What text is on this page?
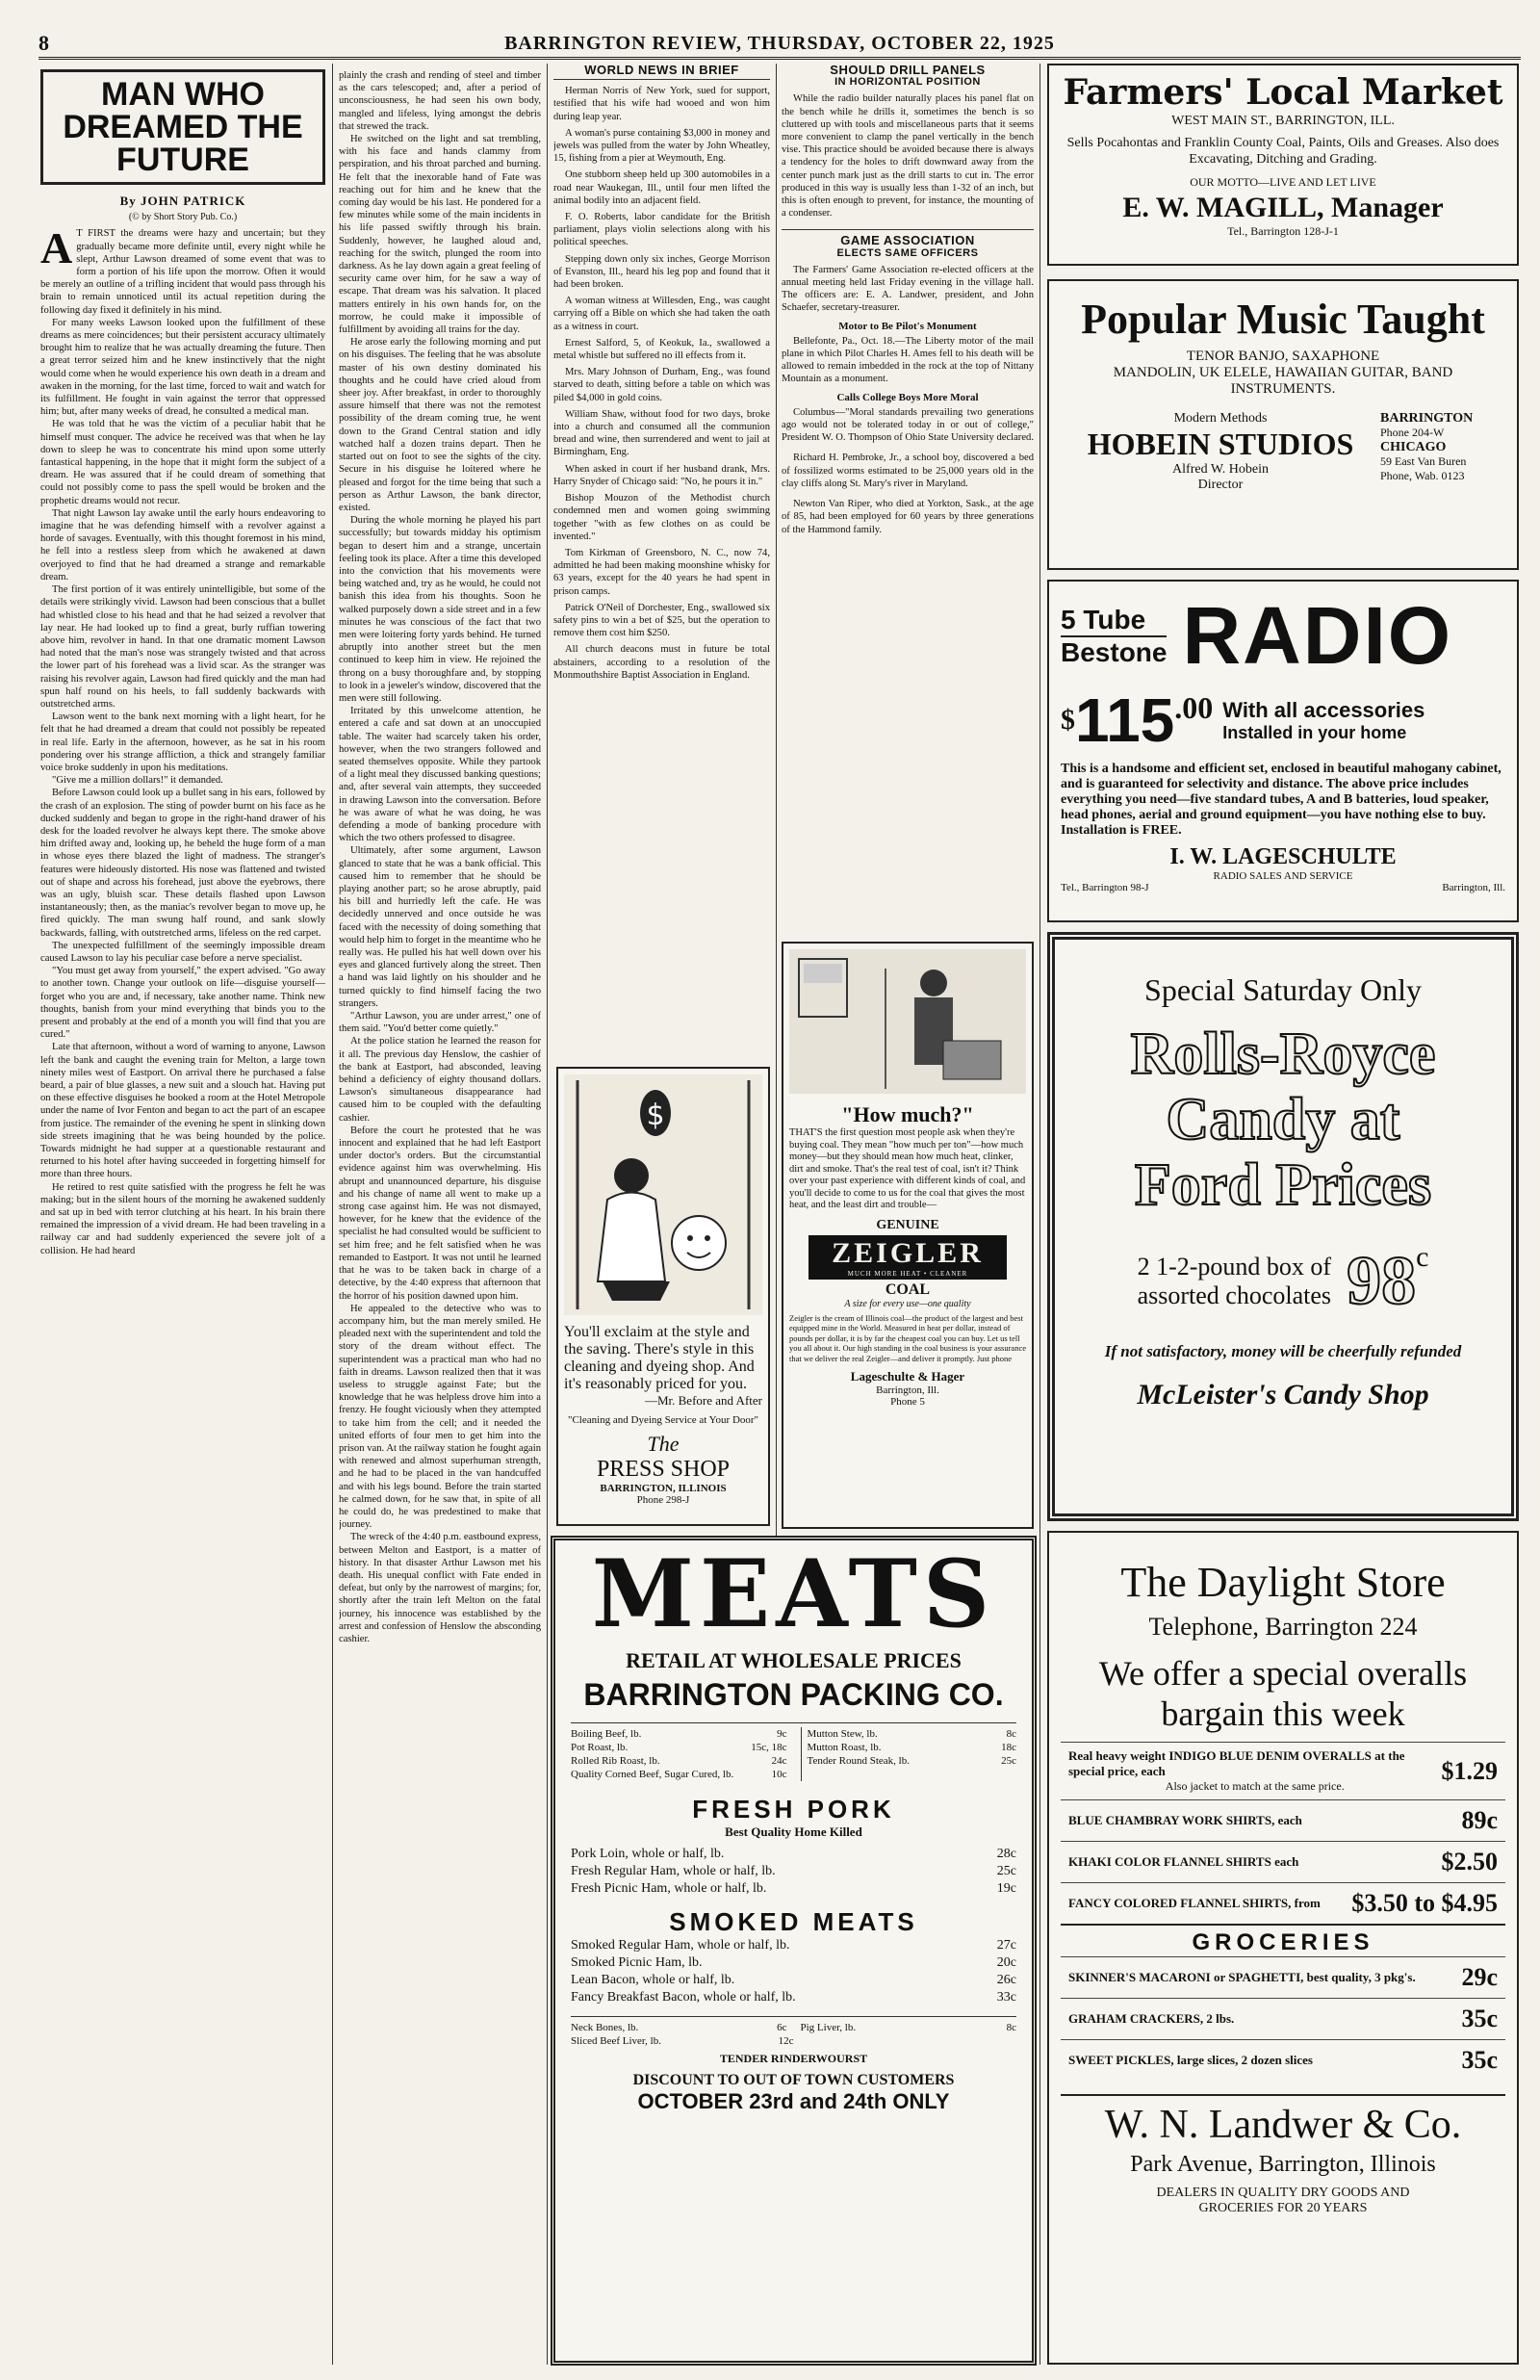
8	BARRINGTON REVIEW, THURSDAY, OCTOBER 22, 1925
MAN WHO
DREAMED THE
FUTURE
By JOHN PATRICK
(© by Short Story Pub. Co.)
A T FIRST the dreams were hazy and uncertain; but they gradually became more definite until, every night while he slept, Arthur Lawson dreamed of some event that was to form a portion of his life upon the morrow. Often it would be merely an outline of a trifling incident that would pass through his brain to remain unnoticed until its actual repetition during the following day fixed it definitely in his mind.

For many weeks Lawson looked upon the fulfillment of these dreams as mere coincidences; but their persistent accuracy ultimately brought him to realize that he was actually dreaming the future. Then a great terror seized him and he knew instinctively that the night would come when he would experience his own death in a dream and awaken in the morning, for the last time, forced to wait and watch for its fulfillment. He fought in vain against the terror that oppressed him; but, after many weeks of dread, he consulted a medical man.

He was told that he was the victim of a peculiar habit that he himself must conquer. The advice he received was that when he lay down to sleep he was to concentrate his mind upon some utterly fantastical happening, in the hope that it might form the subject of a dream. He was assured that if he could dream of something that could not possibly come to pass the spell would be broken and the prophetic dreams would not recur.

That night Lawson lay awake until the early hours endeavoring to imagine that he was defending himself with a revolver against a horde of savages. Eventually, with this thought foremost in his mind, he fell into a restless sleep from which he awakened at dawn overjoyed to find that he had dreamed a strange and remarkable dream.

The first portion of it was entirely unintelligible, but some of the details were strikingly vivid. Lawson had been conscious that a bullet had whistled close to his head and that he had seized a revolver that lay near. He had looked up to find a great, burly ruffian towering above him, revolver in hand. In that one dramatic moment Lawson had noted that the man's nose was strangely twisted and that across the lower part of his forehead was a livid scar. As the stranger was raising his revolver again, Lawson had fired quickly and the man had spun half round on his heels, to fall suddenly backwards with outstretched arms.

Lawson went to the bank next morning with a light heart, for he felt that he had dreamed a dream that could not possibly be repeated in real life. Early in the afternoon, however, as he sat in his room pondering over his strange affliction, a thick and strangely familiar voice broke suddenly in upon his meditations.

"Give me a million dollars!" it demanded.

Before Lawson could look up a bullet sang in his ears, followed by the crash of an explosion. The sting of powder burnt on his face as he ducked suddenly and began to grope in the right-hand drawer of his desk for the loaded revolver he always kept there. The smoke above him drifted away and, looking up, he beheld the huge form of a man in whose eyes there blazed the light of madness. The stranger's features were hideously distorted. His nose was flattened and twisted out of shape and across his forehead, just above the eyebrows, there was an ugly, bluish scar. These details flashed upon Lawson instantaneously; then, as the maniac's revolver began to move up, he fired quickly. The man swung half round, and sank slowly backwards, falling, with outstretched arms, lifeless on the red carpet.

The unexpected fulfillment of the seemingly impossible dream caused Lawson to lay his peculiar case before a nerve specialist.

"You must get away from yourself," the expert advised. "Go away to another town. Change your outlook on life—disguise yourself—forget who you are and, if necessary, take another name. Think new thoughts, banish from your mind everything that binds you to the present and probably at the end of a month you will find that you are cured."

Late that afternoon, without a word of warning to anyone, Lawson left the bank and caught the evening train for Melton, a large town ninety miles west of Eastport. On arrival there he purchased a false beard, a pair of blue glasses, a new suit and a slouch hat. Having put on these effective disguises he booked a room at the Hotel Metropole under the name of Ivor Fenton and began to act the part of an escapee from justice. The remainder of the evening he spent in slinking down side streets imagining that he was being hounded by the police. Towards midnight he had supper at a questionable restaurant and returned to his hotel after having succeeded in forgetting himself for more than three hours.

He retired to rest quite satisfied with the progress he felt he was making; but in the silent hours of the morning he awakened suddenly and sat up in bed with terror clutching at his heart. In his brain there remained the impression of a vivid dream. He had been traveling in a railway car and had suddenly experienced the severe jolt of a collision. He had heard

plainly the crash and rending of steel and timber as the cars telescoped; and, after a period of unconsciousness, he had seen his own body, mangled and lifeless, lying amongst the debris that strewed the track.

He switched on the light and sat trembling, with his face and hands clammy from perspiration, and his throat parched and burning. He felt that the inexorable hand of Fate was reaching out for him and he knew that the coming day would be his last. He pondered for a few minutes while some of the main incidents in his life passed swiftly through his brain. Suddenly, however, he laughed aloud and, reaching for the switch, plunged the room into darkness. As he lay down again a great feeling of security came over him, for he saw a way of escape. That dream was his salvation. It placed matters entirely in his own hands for, on the morrow, he could make it impossible of fulfillment by avoiding all trains for the day.

He arose early the following morning and put on his disguises. The feeling that he was absolute master of his own destiny dominated his thoughts and he could have cried aloud from sheer joy. After breakfast, in order to thoroughly assure himself that there was not the remotest possibility of the dream coming true, he went down to the Grand Central station and idly watched half a dozen trains depart. Then he started out on foot to see the sights of the city. Secure in his disguise he loitered where he pleased and forgot for the time being that such a person as Arthur Lawson, the bank director, existed.

During the whole morning he played his part successfully; but towards midday his optimism began to desert him and a strange, uncertain feeling took its place. After a time this developed into the conviction that his movements were being watched and, try as he would, he could not banish this idea from his thoughts. Soon he walked purposely down a side street and in a few minutes he was conscious of the fact that two men were loitering forty yards behind. He turned abruptly into another street but the men continued to keep him in view. He rejoined the throng on a busy thoroughfare and, by stopping to look in a jeweler's window, discovered that the men were still following.

Irritated by this unwelcome attention, he entered a cafe and sat down at an unoccupied table. The waiter had scarcely taken his order, however, when the two strangers followed and seated themselves opposite. While they partook of a light meal they discussed banking questions; and, after several vain attempts, they succeeded in drawing Lawson into the conversation. Before he was aware of what he was doing, he was defending a mode of banking procedure with which the two others professed to disagree.

Ultimately, after some argument, Lawson glanced to state that he was a bank official. This caused him to remember that he should be playing another part; so he arose abruptly, paid his bill and hurriedly left the cafe. He was decidedly unnerved and once outside he was faced with the necessity of doing something that would help him to forget in the meantime who he really was. He pulled his hat well down over his eyes and glanced furtively along the street. Then a hand was laid lightly on his shoulder and he turned quickly to find himself facing the two strangers.

"Arthur Lawson, you are under arrest," one of them said. "You'd better come quietly."

At the police station he learned the reason for it all. The previous day Henslow, the cashier of the bank at Eastport, had absconded, leaving behind a deficiency of eighty thousand dollars. Lawson's simultaneous disappearance had caused him to be coupled with the defaulting cashier.

Before the court he protested that he was innocent and explained that he had left Eastport under doctor's orders. But the circumstantial evidence against him was overwhelming. His abrupt and unannounced departure, his disguise and his change of name all went to make up a strong case against him. He was not dismayed, however, for he knew that the evidence of the specialist he had consulted would be sufficient to set him free; and he felt satisfied when he was remanded to Eastport. It was not until he learned that he was to be taken back in charge of a detective, by the 4:40 express that afternoon that the horror of his position dawned upon him.

He appealed to the detective who was to accompany him, but the man merely smiled. He pleaded next with the superintendent and told the story of the dream without effect. The superintendent was a practical man who had no faith in dreams. Lawson realized then that it was useless to struggle against Fate; but the knowledge that he was helpless drove him into a frenzy. He fought viciously when they attempted to take him from the cell; and it needed the united efforts of four men to get him into the prison van. At the railway station he fought again with renewed and almost superhuman strength, and he had to be placed in the van handcuffed and with his legs bound. Before the train started he calmed down, for he saw that, in spite of all he could do, he was predestined to make that journey.

The wreck of the 4:40 p.m. eastbound express, between Melton and Eastport, is a matter of history. In that disaster Arthur Lawson met his death. His unequal conflict with Fate ended in defeat, but only by the narrowest of margins; for, shortly after the train left Melton on the fatal journey, his innocence was established by the arrest and confession of Henslow the absconding cashier.

WORLD NEWS IN BRIEF

Herman Norris of New York, sued for support, testified that his wife had wooed and won him during leap year.

A woman's purse containing $3,000 in money and jewels was pulled from the water by John Wheatley, 15, fishing from a pier at Weymouth, Eng.

One stubborn sheep held up 300 automobiles in a road near Waukegan, Ill., until four men lifted the animal bodily into an adjacent field.

F. O. Roberts, labor candidate for the British parliament, plays violin selections along with his political speeches.

Stepping down only six inches, George Morrison of Evanston, Ill., heard his leg pop and found that it had been broken.

A woman witness at Willesden, Eng., was caught carrying off a Bible on which she had taken the oath as a witness in court.

Ernest Salford, 5, of Keokuk, Ia., swallowed a metal whistle but suffered no ill effects from it.

Mrs. Mary Johnson of Durham, Eng., was found starved to death, sitting before a table on which was piled $4,000 in gold coins.

William Shaw, without food for two days, broke into a church and consumed all the communion bread and wine, then surrendered and went to jail at Birmingham, Eng.

When asked in court if her husband drank, Mrs. Harry Snyder of Chicago said: "No, he pours it in."

Bishop Mouzon of the Methodist church condemned men and women going swimming together "with as few clothes on as could be invented."

Tom Kirkman of Greensboro, N. C., now 74, admitted he had been making moonshine whisky for 63 years, except for the 40 years he had spent in prison camps.

Patrick O'Neil of Dorchester, Eng., swallowed six safety pins to win a bet of $25, but the operation to remove them cost him $250.

All church deacons must in future be total abstainers, according to a resolution of the Monmouthshire Baptist Association in England.

SHOULD DRILL PANELS
IN HORIZONTAL POSITION

While the radio builder naturally places his panel flat on the bench while he drills it, sometimes the bench is so cluttered up with tools and miscellaneous parts that it seems more convenient to clamp the panel vertically in the bench vise. This practice should be avoided because there is always a tendency for the holes to drift downward away from the center punch mark just as the drill starts to cut in. The error produced in this way is usually less than 1-32 of an inch, but this is often enough to prevent, for instance, the mounting of a condenser.

GAME ASSOCIATION
ELECTS SAME OFFICERS

The Farmers' Game Association re-elected officers at the annual meeting held last Friday evening in the village hall. The officers are: E. A. Landwer, president, and John Schaefer, secretary-treasurer.

Motor to Be Pilot's Monument

Bellefonte, Pa., Oct. 18.—The Liberty motor of the mail plane in which Pilot Charles H. Ames fell to his death will be allowed to remain imbedded in the rock at the top of Nittany Mountain as a monument.

Calls College Boys More Moral

Columbus—"Moral standards prevailing two generations ago would not be tolerated today in or out of college," President W. O. Thompson of Ohio State University declared.

Richard H. Pembroke, Jr., a school boy, discovered a bed of fossilized worms estimated to be 25,000 years old in the clay cliffs along St. Mary's river in Maryland.

Newton Van Riper, who died at Yorkton, Sask., at the age of 85, had been employed for 60 years by three generations of the Hammond family.

$
You'll exclaim at the style and the saving. There's style in this cleaning and dyeing shop. And it's reasonably priced for you.
—Mr. Before and After
"Cleaning and Dyeing Service at Your Door"
The
PRESS SHOP
BARRINGTON, ILLINOIS
Phone 298-J
"How much?"
THAT'S the first question most people ask when they're buying coal. They mean "how much per ton"—how much money—but they should mean how much heat, clinker, dirt and smoke. That's the real test of coal, isn't it? Think over your past experience with different kinds of coal, and you'll decide to come to us for the coal that gives the most heat, and the least dirt and trouble—
GENUINE
ZEIGLER
MUCH MORE HEAT • CLEANER
COAL
A size for every use—one quality
Zeigler is the cream of Illinois coal—the product of the largest and best equipped mine in the World. Measured in heat per dollar, instead of pounds per dollar, it is by far the cheapest coal you can buy. Let us tell you all about it. Our high standing in the coal business is your assurance that we deliver the real Zeigler—and deliver it promptly. Just phone
Lageschulte & Hager
Barrington, Ill.
Phone 5
MEATS
RETAIL AT WHOLESALE PRICES
BARRINGTON PACKING CO.
Boiling Beef, lb.	9c
Pot Roast, lb.	15c, 18c
Rolled Rib Roast, lb.	24c
Quality Corned Beef, Sugar Cured, lb.	10c
Mutton Stew, lb.	8c
Mutton Roast, lb.	18c
Tender Round Steak, lb.	25c
FRESH PORK
Best Quality Home Killed
Pork Loin, whole or half, lb.	28c
Fresh Regular Ham, whole or half, lb.	25c
Fresh Picnic Ham, whole or half, lb.	19c
SMOKED MEATS
Smoked Regular Ham, whole or half, lb.	27c
Smoked Picnic Ham, lb.	20c
Lean Bacon, whole or half, lb.	26c
Fancy Breakfast Bacon, whole or half, lb.	33c
Neck Bones, lb.	6c Pig Liver, lb.	8c
Sliced Beef Liver, lb.	12c
TENDER RINDERWOURST
DISCOUNT TO OUT OF TOWN CUSTOMERS
OCTOBER 23rd and 24th ONLY
Farmers' Local Market
WEST MAIN ST., BARRINGTON, ILL.
Sells Pocahontas and Franklin County Coal, Paints, Oils and Greases. Also does Excavating, Ditching and Grading.
OUR MOTTO—LIVE AND LET LIVE
E. W. MAGILL, Manager
Tel., Barrington 128-J-1
Popular Music Taught
TENOR BANJO, SAXAPHONE
MANDOLIN, UK ELELE, HAWAIIAN GUITAR, BAND INSTRUMENTS.
Modern Methods
HOBEIN STUDIOS
Alfred W. Hobein
Director
BARRINGTON
Phone 204-W
CHICAGO
59 East Van Buren
Phone, Wab. 0123
5 Tube
Bestone RADIO
$ 115 .00 With all accessories
Installed in your home
This is a handsome and efficient set, enclosed in beautiful mahogany cabinet, and is guaranteed for selectivity and distance. The above price includes everything you need—five standard tubes, A and B batteries, loud speaker, head phones, aerial and ground equipment—you have nothing else to buy. Installation is FREE.
I. W. LAGESCHULTE
RADIO SALES AND SERVICE
Tel., Barrington 98-J	Barrington, Ill.
Special Saturday Only
Rolls-Royce
Candy at
Ford Prices
2 1-2-pound box of
assorted chocolates 98c
If not satisfactory, money will be cheerfully refunded
McLeister's Candy Shop
The Daylight Store
Telephone, Barrington 224
We offer a special overalls bargain this week
Real heavy weight INDIGO BLUE DENIM OVERALLS at the special price, each
Also jacket to match at the same price.
$1.29
BLUE CHAMBRAY WORK SHIRTS, each	89c
KHAKI COLOR FLANNEL SHIRTS each	$2.50
FANCY COLORED FLANNEL SHIRTS, from $3.50 to $4.95
GROCERIES
SKINNER'S MACARONI or SPAGHETTI, best quality, 3 pkg's. 29c
GRAHAM CRACKERS, 2 lbs.	35c
SWEET PICKLES, large slices, 2 dozen slices	35c
W. N. Landwer & Co.
Park Avenue, Barrington, Illinois
DEALERS IN QUALITY DRY GOODS AND
GROCERIES FOR 20 YEARS
